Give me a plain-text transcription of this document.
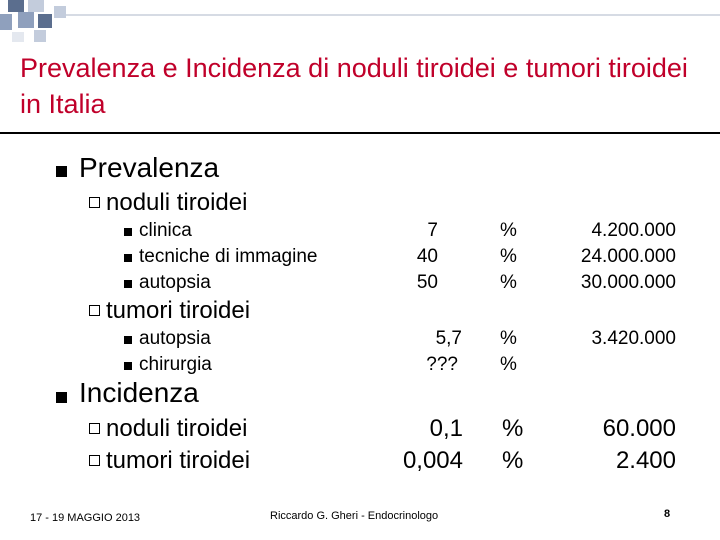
Prevalenza e Incidenza di noduli tiroidei e tumori tiroidei in Italia
Prevalenza
noduli tiroidei
clinica	7	%	4.200.000
tecniche di immagine	40	%	24.000.000
autopsia	50	%	30.000.000
tumori tiroidei
autopsia	5,7 %	3.420.000
chirurgia	??? %
Incidenza
noduli tiroidei	0,1 %	60.000
tumori tiroidei	0,004 %	2.400
17 - 19 MAGGIO 2013	Riccardo G. Gheri - Endocrinologo	8
